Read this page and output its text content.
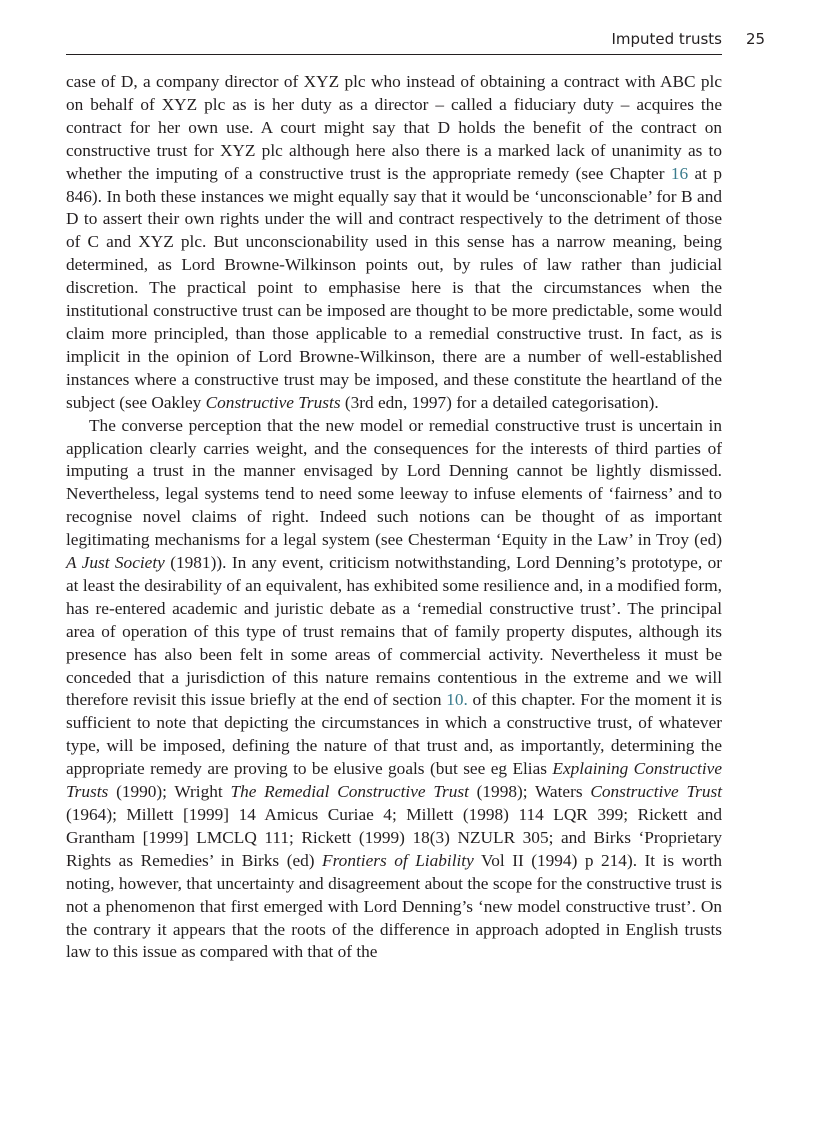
Imputed trusts 25

case of D, a company director of XYZ plc who instead of obtaining a contract with ABC plc on behalf of XYZ plc as is her duty as a director – called a fiduciary duty – acquires the contract for her own use. A court might say that D holds the benefit of the contract on constructive trust for XYZ plc although here also there is a marked lack of unanimity as to whether the imputing of a constructive trust is the appropriate remedy (see Chapter 16 at p 846). In both these instances we might equally say that it would be ‘unconscionable’ for B and D to assert their own rights under the will and contract respectively to the detriment of those of C and XYZ plc. But unconscionability used in this sense has a narrow meaning, being determined, as Lord Browne-Wilkinson points out, by rules of law rather than judicial discretion. The practical point to emphasise here is that the circumstances when the institutional constructive trust can be imposed are thought to be more predictable, some would claim more principled, than those applicable to a remedial constructive trust. In fact, as is implicit in the opinion of Lord Browne-Wilkinson, there are a number of well-established instances where a constructive trust may be imposed, and these constitute the heartland of the subject (see Oakley Constructive Trusts (3rd edn, 1997) for a detailed categorisation).

The converse perception that the new model or remedial constructive trust is uncertain in application clearly carries weight, and the consequences for the interests of third parties of imputing a trust in the manner envisaged by Lord Denning cannot be lightly dismissed. Nevertheless, legal systems tend to need some leeway to infuse elements of ‘fairness’ and to recognise novel claims of right. Indeed such notions can be thought of as important legitimating mechanisms for a legal system (see Chesterman ‘Equity in the Law’ in Troy (ed) A Just Society (1981)). In any event, criticism notwithstanding, Lord Denning’s prototype, or at least the desirability of an equivalent, has exhibited some resilience and, in a modified form, has re-entered academic and juristic debate as a ‘remedial constructive trust’. The principal area of operation of this type of trust remains that of family property disputes, although its presence has also been felt in some areas of commercial activity. Nevertheless it must be conceded that a jurisdiction of this nature remains contentious in the extreme and we will therefore revisit this issue briefly at the end of section 10. of this chapter. For the moment it is sufficient to note that depicting the circumstances in which a constructive trust, of whatever type, will be imposed, defining the nature of that trust and, as importantly, determining the appropriate remedy are proving to be elusive goals (but see eg Elias Explaining Constructive Trusts (1990); Wright The Remedial Constructive Trust (1998); Waters Constructive Trust (1964); Millett [1999] 14 Amicus Curiae 4; Millett (1998) 114 LQR 399; Rickett and Grantham [1999] LMCLQ 111; Rickett (1999) 18(3) NZULR 305; and Birks ‘Proprietary Rights as Remedies’ in Birks (ed) Frontiers of Liability Vol II (1994) p 214). It is worth noting, however, that uncertainty and disagreement about the scope for the constructive trust is not a phenomenon that first emerged with Lord Denning’s ‘new model constructive trust’. On the contrary it appears that the roots of the difference in approach adopted in English trusts law to this issue as compared with that of the
